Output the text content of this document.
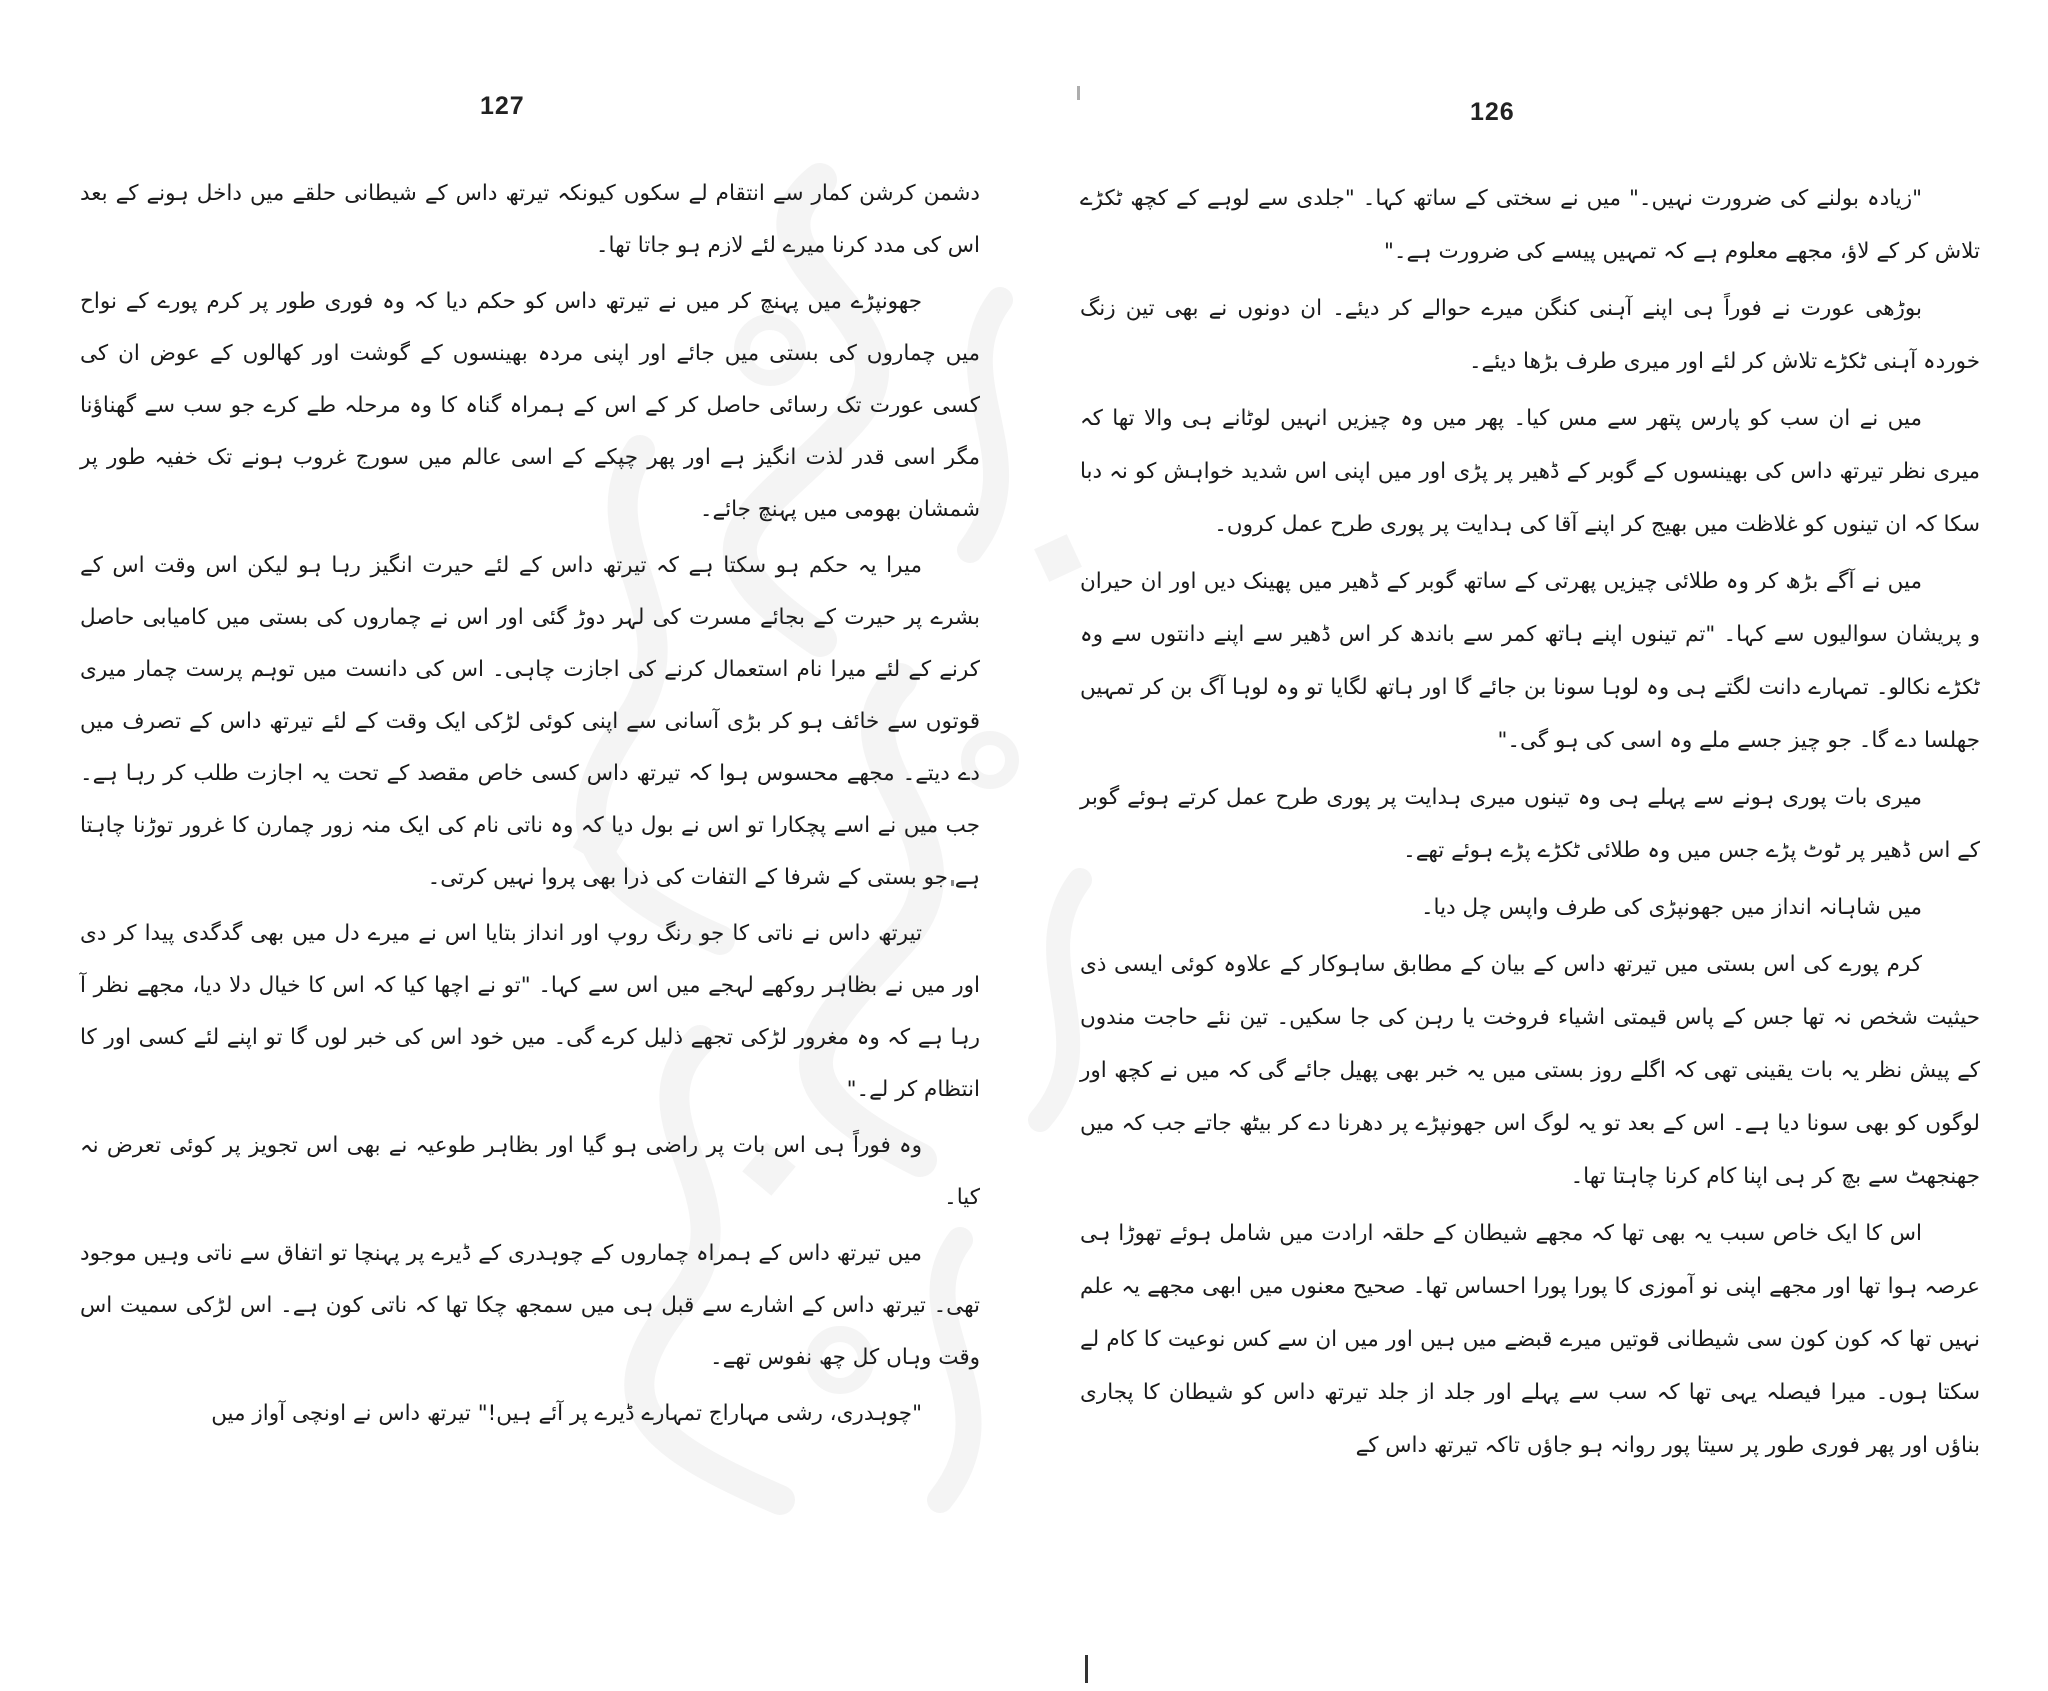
127

دشمن کرشن کمار سے انتقام لے سکوں کیونکہ تیرتھ داس کے شیطانی حلقے میں داخل ہونے کے بعد اس کی مدد کرنا میرے لئے لازم ہو جاتا تھا۔

جھونپڑے میں پہنچ کر میں نے تیرتھ داس کو حکم دیا کہ وہ فوری طور پر کرم پورے کے نواح میں چماروں کی بستی میں جائے اور اپنی مردہ بھینسوں کے گوشت اور کھالوں کے عوض ان کی کسی عورت تک رسائی حاصل کر کے اس کے ہمراہ گناہ کا وہ مرحلہ طے کرے جو سب سے گھناؤنا مگر اسی قدر لذت انگیز ہے اور پھر چپکے کے اسی عالم میں سورج غروب ہونے تک خفیہ طور پر شمشان بھومی میں پہنچ جائے۔

میرا یہ حکم ہو سکتا ہے کہ تیرتھ داس کے لئے حیرت انگیز رہا ہو لیکن اس وقت اس کے بشرے پر حیرت کے بجائے مسرت کی لہر دوڑ گئی اور اس نے چماروں کی بستی میں کامیابی حاصل کرنے کے لئے میرا نام استعمال کرنے کی اجازت چاہی۔ اس کی دانست میں توہم پرست چمار میری قوتوں سے خائف ہو کر بڑی آسانی سے اپنی کوئی لڑکی ایک وقت کے لئے تیرتھ داس کے تصرف میں دے دیتے۔ مجھے محسوس ہوا کہ تیرتھ داس کسی خاص مقصد کے تحت یہ اجازت طلب کر رہا ہے۔ جب میں نے اسے پچکارا تو اس نے بول دیا کہ وہ ناتی نام کی ایک منہ زور چمارن کا غرور توڑنا چاہتا ہے جو بستی کے شرفا کے التفات کی ذرا بھی پروا نہیں کرتی۔

تیرتھ داس نے ناتی کا جو رنگ روپ اور انداز بتایا اس نے میرے دل میں بھی گدگدی پیدا کر دی اور میں نے بظاہر روکھے لہجے میں اس سے کہا۔ "تو نے اچھا کیا کہ اس کا خیال دلا دیا، مجھے نظر آ رہا ہے کہ وہ مغرور لڑکی تجھے ذلیل کرے گی۔ میں خود اس کی خبر لوں گا تو اپنے لئے کسی اور کا انتظام کر لے۔"

وہ فوراً ہی اس بات پر راضی ہو گیا اور بظاہر طوعیہ نے بھی اس تجویز پر کوئی تعرض نہ کیا۔

میں تیرتھ داس کے ہمراہ چماروں کے چوہدری کے ڈیرے پر پہنچا تو اتفاق سے ناتی وہیں موجود تھی۔ تیرتھ داس کے اشارے سے قبل ہی میں سمجھ چکا تھا کہ ناتی کون ہے۔ اس لڑکی سمیت اس وقت وہاں کل چھ نفوس تھے۔

"چوہدری، رشی مہاراج تمہارے ڈیرے پر آئے ہیں!" تیرتھ داس نے اونچی آواز میں

126

"زیادہ بولنے کی ضرورت نہیں۔" میں نے سختی کے ساتھ کہا۔ "جلدی سے لوہے کے کچھ ٹکڑے تلاش کر کے لاؤ، مجھے معلوم ہے کہ تمہیں پیسے کی ضرورت ہے۔"

بوڑھی عورت نے فوراً ہی اپنے آہنی کنگن میرے حوالے کر دیئے۔ ان دونوں نے بھی تین زنگ خوردہ آہنی ٹکڑے تلاش کر لئے اور میری طرف بڑھا دیئے۔

میں نے ان سب کو پارس پتھر سے مس کیا۔ پھر میں وہ چیزیں انہیں لوٹانے ہی والا تھا کہ میری نظر تیرتھ داس کی بھینسوں کے گوبر کے ڈھیر پر پڑی اور میں اپنی اس شدید خواہش کو نہ دبا سکا کہ ان تینوں کو غلاظت میں بھیج کر اپنے آقا کی ہدایت پر پوری طرح عمل کروں۔

میں نے آگے بڑھ کر وہ طلائی چیزیں پھرتی کے ساتھ گوبر کے ڈھیر میں پھینک دیں اور ان حیران و پریشان سوالیوں سے کہا۔ "تم تینوں اپنے ہاتھ کمر سے باندھ کر اس ڈھیر سے اپنے دانتوں سے وہ ٹکڑے نکالو۔ تمہارے دانت لگتے ہی وہ لوہا سونا بن جائے گا اور ہاتھ لگایا تو وہ لوہا آگ بن کر تمہیں جھلسا دے گا۔ جو چیز جسے ملے وہ اسی کی ہو گی۔"

میری بات پوری ہونے سے پہلے ہی وہ تینوں میری ہدایت پر پوری طرح عمل کرتے ہوئے گوبر کے اس ڈھیر پر ٹوٹ پڑے جس میں وہ طلائی ٹکڑے پڑے ہوئے تھے۔

میں شاہانہ انداز میں جھونپڑی کی طرف واپس چل دیا۔

کرم پورے کی اس بستی میں تیرتھ داس کے بیان کے مطابق ساہوکار کے علاوہ کوئی ایسی ذی حیثیت شخص نہ تھا جس کے پاس قیمتی اشیاء فروخت یا رہن کی جا سکیں۔ تین نئے حاجت مندوں کے پیش نظر یہ بات یقینی تھی کہ اگلے روز بستی میں یہ خبر بھی پھیل جائے گی کہ میں نے کچھ اور لوگوں کو بھی سونا دیا ہے۔ اس کے بعد تو یہ لوگ اس جھونپڑے پر دھرنا دے کر بیٹھ جاتے جب کہ میں جھنجھٹ سے بچ کر ہی اپنا کام کرنا چاہتا تھا۔

اس کا ایک خاص سبب یہ بھی تھا کہ مجھے شیطان کے حلقہ ارادت میں شامل ہوئے تھوڑا ہی عرصہ ہوا تھا اور مجھے اپنی نو آموزی کا پورا پورا احساس تھا۔ صحیح معنوں میں ابھی مجھے یہ علم نہیں تھا کہ کون کون سی شیطانی قوتیں میرے قبضے میں ہیں اور میں ان سے کس نوعیت کا کام لے سکتا ہوں۔ میرا فیصلہ یہی تھا کہ سب سے پہلے اور جلد از جلد تیرتھ داس کو شیطان کا پجاری بناؤں اور پھر فوری طور پر سیتا پور روانہ ہو جاؤں تاکہ تیرتھ داس کے
